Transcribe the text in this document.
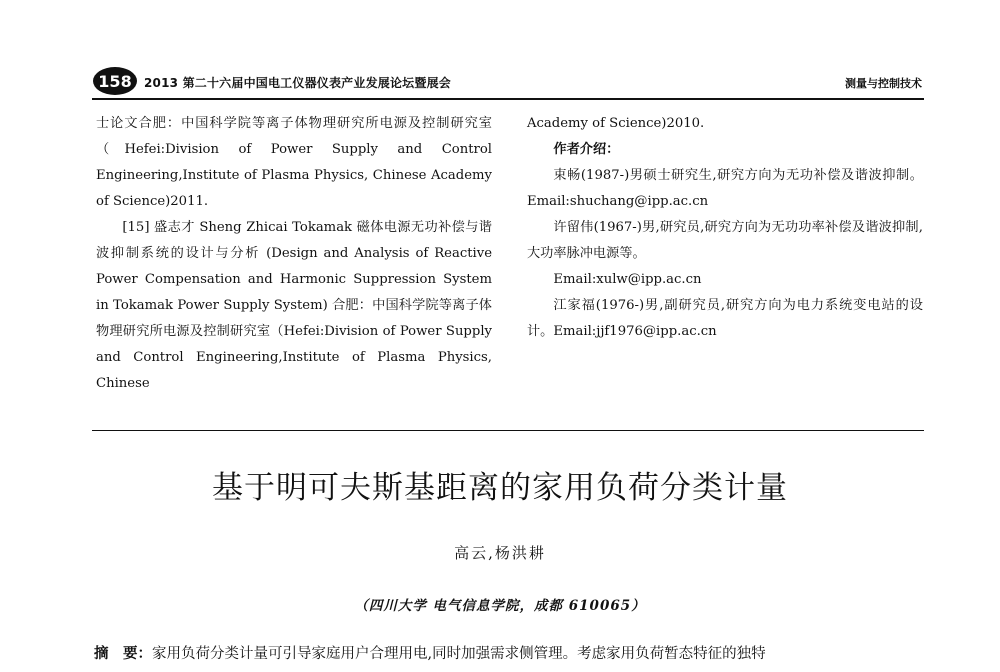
158 2013 第二十六届中国电工仪器仪表产业发展论坛暨展会	测量与控制技术

士论文合肥：中国科学院等离子体物理研究所电源及控制研究室（Hefei:Division of Power Supply and Control Engineering,Institute of Plasma Physics, Chinese Academy of Science)2011.

[15] 盛志才 Sheng Zhicai Tokamak 磁体电源无功补偿与谐波抑制系统的设计与分析 (Design and Analysis of Reactive Power Compensation and Harmonic Suppression System in Tokamak Power Supply System) 合肥：中国科学院等离子体物理研究所电源及控制研究室（Hefei:Division of Power Supply and Control Engineering,Institute of Plasma Physics, Chinese

Academy of Science)2010.

作者介绍：

束畅(1987-)男硕士研究生,研究方向为无功补偿及谐波抑制。Email:shuchang@ipp.ac.cn

许留伟(1967-)男,研究员,研究方向为无功功率补偿及谐波抑制,大功率脉冲电源等。

Email:xulw@ipp.ac.cn

江家福(1976-)男,副研究员,研究方向为电力系统变电站的设计。Email:jjf1976@ipp.ac.cn

基于明可夫斯基距离的家用负荷分类计量
高云,杨洪耕
（四川大学 电气信息学院，成都 610065）
摘　要：家用负荷分类计量可引导家庭用户合理用电,同时加强需求侧管理。考虑家用负荷暂态特征的独特
